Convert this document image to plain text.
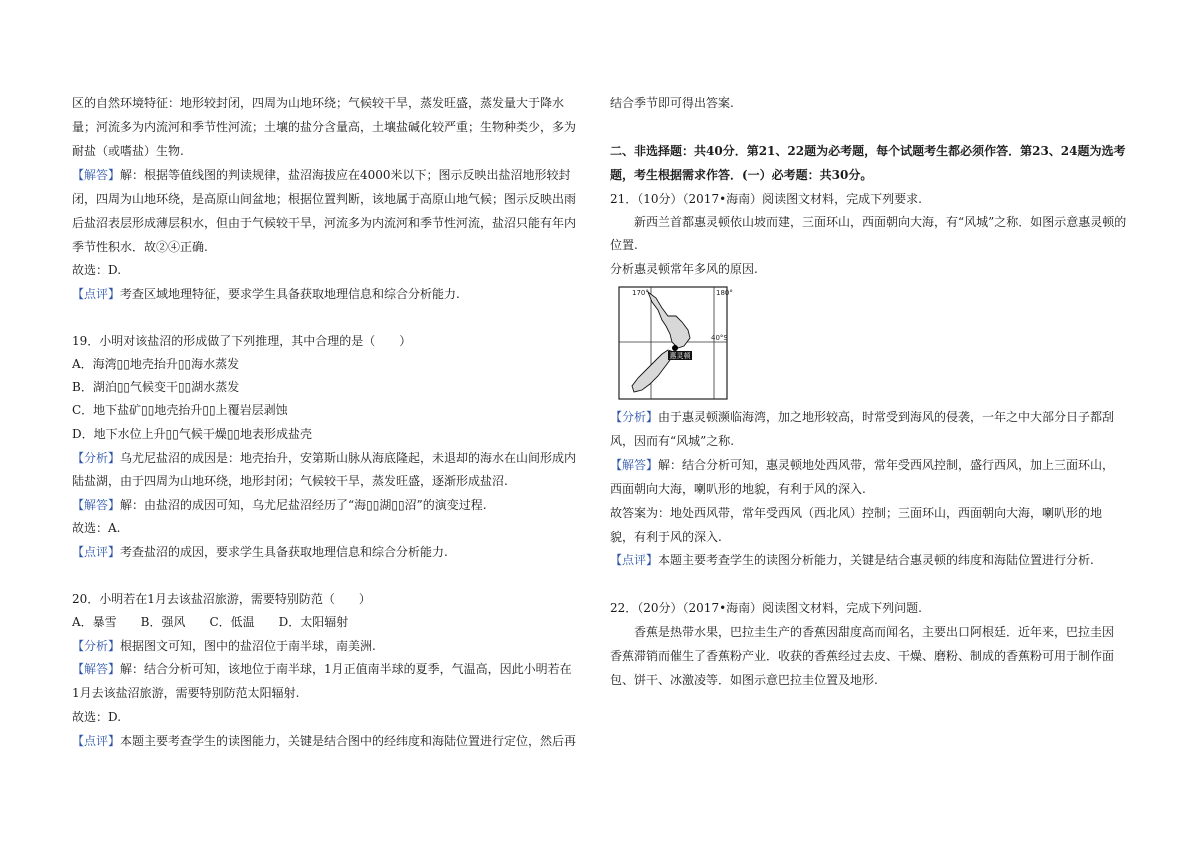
区的自然环境特征：地形较封闭，四周为山地环绕；气候较干旱，蒸发旺盛，蒸发量大于降水
量；河流多为内流河和季节性河流；土壤的盐分含量高，土壤盐碱化较严重；生物种类少，多为
耐盐（或嗜盐）生物.
【解答】解：根据等值线图的判读规律，盐沼海拔应在4000米以下；图示反映出盐沼地形较封
闭，四周为山地环绕，是高原山间盆地；根据位置判断，该地属于高原山地气候；图示反映出雨
后盐沼表层形成薄层积水，但由于气候较干旱，河流多为内流河和季节性河流，盐沼只能有年内
季节性积水．故②④正确.
故选：D.
【点评】考查区域地理特征，要求学生具备获取地理信息和综合分析能力.
19．小明对该盐沼的形成做了下列推理，其中合理的是（　　）
A．海湾▯▯地壳抬升▯▯海水蒸发
B．湖泊▯▯气候变干▯▯湖水蒸发
C．地下盐矿▯▯地壳抬升▯▯上覆岩层剥蚀
D．地下水位上升▯▯气候干燥▯▯地表形成盐壳
【分析】乌尤尼盐沼的成因是：地壳抬升，安第斯山脉从海底隆起，未退却的海水在山间形成内
陆盐湖，由于四周为山地环绕，地形封闭；气候较干旱，蒸发旺盛，逐渐形成盐沼.
【解答】解：由盐沼的成因可知，乌尤尼盐沼经历了“海▯▯湖▯▯沼”的演变过程.
故选：A.
【点评】考查盐沼的成因，要求学生具备获取地理信息和综合分析能力.
20．小明若在1月去该盐沼旅游，需要特别防范（　　）
A．暴雪　　B．强风　　C．低温　　D．太阳辐射
【分析】根据图文可知，图中的盐沼位于南半球，南美洲.
【解答】解：结合分析可知，该地位于南半球，1月正值南半球的夏季，气温高，因此小明若在
1月去该盐沼旅游，需要特别防范太阳辐射.
故选：D.
【点评】本题主要考查学生的读图能力，关键是结合图中的经纬度和海陆位置进行定位，然后再
结合季节即可得出答案.
二、非选择题：共40分．第21、22题为必考题，每个试题考生都必须作答．第23、24题为选考
题，考生根据需求作答．(一）必考题：共30分。
21．（10分）（2017•海南）阅读图文材料，完成下列要求.
新西兰首都惠灵顿依山坡而建，三面环山，西面朝向大海，有“风城”之称．如图示意惠灵顿的
位置.
分析惠灵顿常年多风的原因.
惠灵顿
170°	180°
40°S
【分析】由于惠灵顿濒临海湾，加之地形较高，时常受到海风的侵袭，一年之中大部分日子都刮
风，因而有“风城”之称.
【解答】解：结合分析可知，惠灵顿地处西风带，常年受西风控制，盛行西风，加上三面环山，
西面朝向大海，喇叭形的地貌，有利于风的深入.
故答案为：地处西风带，常年受西风（西北风）控制；三面环山，西面朝向大海，喇叭形的地
貌，有利于风的深入.
【点评】本题主要考查学生的读图分析能力，关键是结合惠灵顿的纬度和海陆位置进行分析.
22．（20分）（2017•海南）阅读图文材料，完成下列问题.
香蕉是热带水果，巴拉圭生产的香蕉因甜度高而闻名，主要出口阿根廷．近年来，巴拉圭因
香蕉滞销而催生了香蕉粉产业．收获的香蕉经过去皮、干燥、磨粉、制成的香蕉粉可用于制作面
包、饼干、冰激凌等．如图示意巴拉圭位置及地形.
